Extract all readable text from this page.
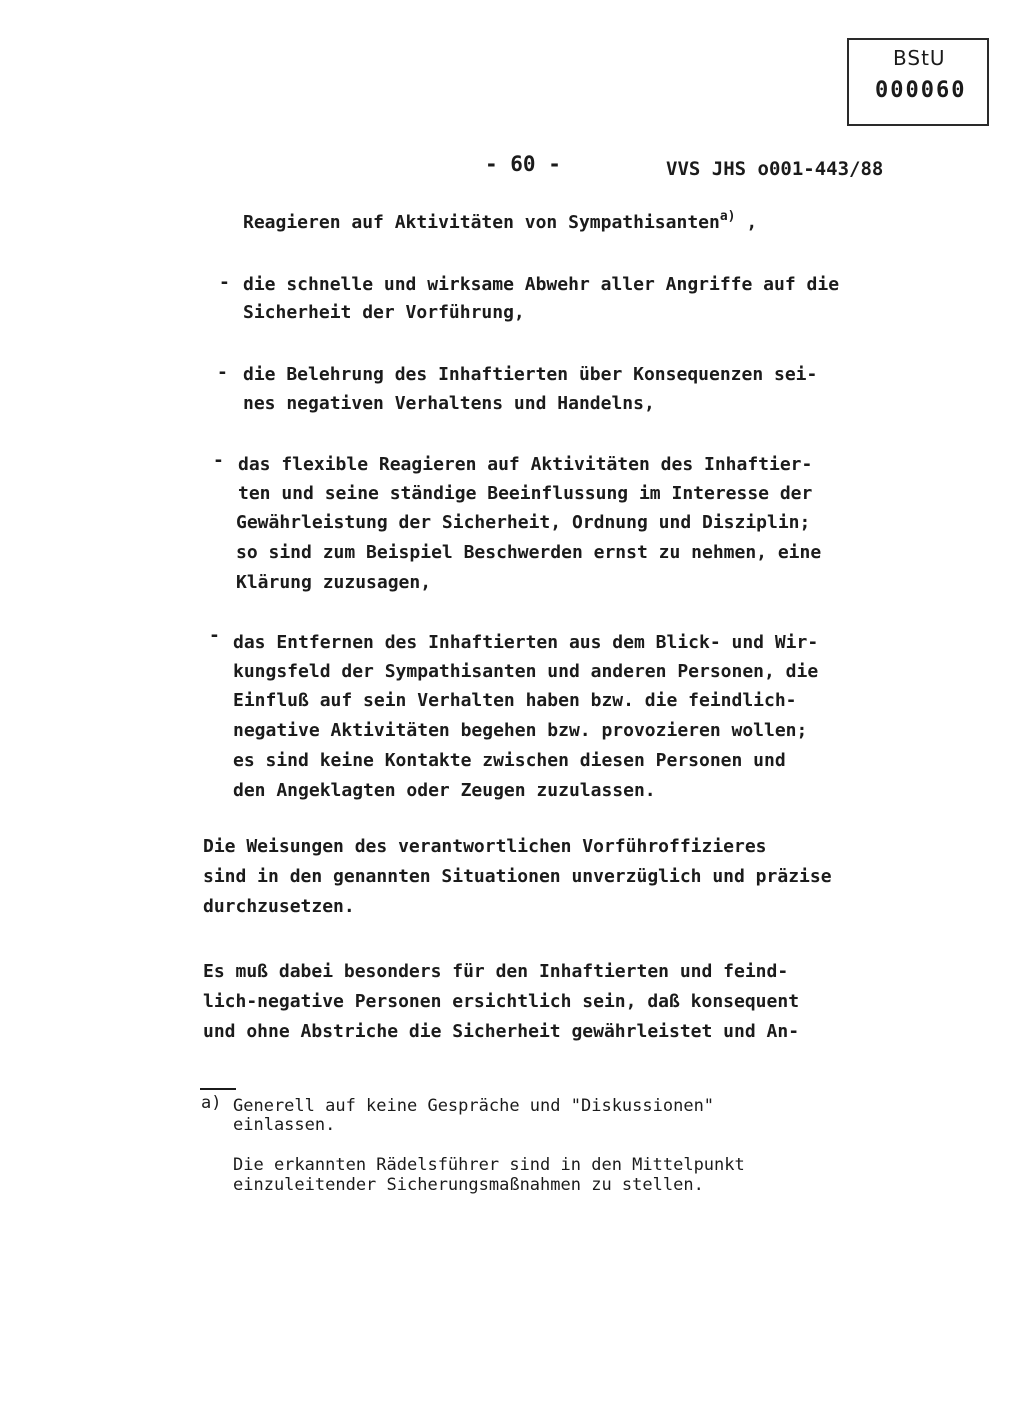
BStU
000060
- 60 -	VVS JHS o001-443/88
Reagieren auf Aktivitäten von Sympathisanten$^{a)}$ ,
- die schnelle und wirksame Abwehr aller Angriffe auf die
Sicherheit der Vorführung,
- die Belehrung des Inhaftierten über Konsequenzen sei-
nes negativen Verhaltens und Handelns,
- das flexible Reagieren auf Aktivitäten des Inhaftier-
ten und seine ständige Beeinflussung im Interesse der
Gewährleistung der Sicherheit, Ordnung und Disziplin;
so sind zum Beispiel Beschwerden ernst zu nehmen, eine
Klärung zuzusagen,
- das Entfernen des Inhaftierten aus dem Blick- und Wir-
kungsfeld der Sympathisanten und anderen Personen, die
Einfluß auf sein Verhalten haben bzw. die feindlich-
negative Aktivitäten begehen bzw. provozieren wollen;
es sind keine Kontakte zwischen diesen Personen und
den Angeklagten oder Zeugen zuzulassen.
Die Weisungen des verantwortlichen Vorführoffizieres
sind in den genannten Situationen unverzüglich und präzise
durchzusetzen.
Es muß dabei besonders für den Inhaftierten und feind-
lich-negative Personen ersichtlich sein, daß konsequent
und ohne Abstriche die Sicherheit gewährleistet und An-
a) Generell auf keine Gespräche und "Diskussionen"
einlassen.
Die erkannten Rädelsführer sind in den Mittelpunkt
einzuleitender Sicherungsmaßnahmen zu stellen.
